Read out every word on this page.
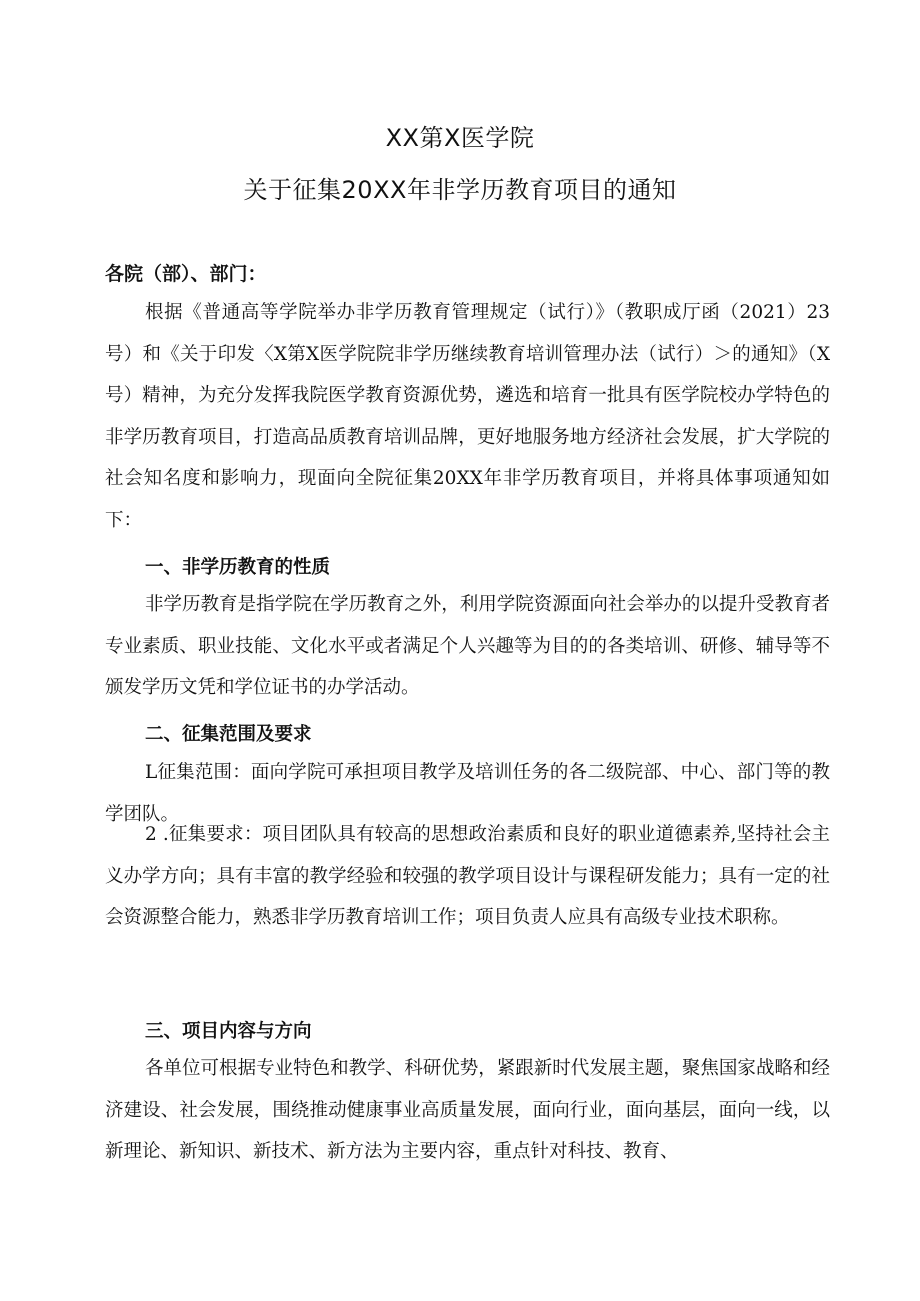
XX第X医学院
关于征集20XX年非学历教育项目的通知
各院（部）、部门：

根据《普通高等学院举办非学历教育管理规定（试行）》（教职成厅函（2021）23号）和《关于印发〈X第X医学院院非学历继续教育培训管理办法（试行）＞的通知》（X号）精神，为充分发挥我院医学教育资源优势，遴选和培育一批具有医学院校办学特色的非学历教育项目，打造高品质教育培训品牌，更好地服务地方经济社会发展，扩大学院的社会知名度和影响力，现面向全院征集20XX年非学历教育项目，并将具体事项通知如下：

一、非学历教育的性质

非学历教育是指学院在学历教育之外，利用学院资源面向社会举办的以提升受教育者专业素质、职业技能、文化水平或者满足个人兴趣等为目的的各类培训、研修、辅导等不颁发学历文凭和学位证书的办学活动。

二、征集范围及要求

L征集范围：面向学院可承担项目教学及培训任务的各二级院部、中心、部门等的教学团队。

2 .征集要求：项目团队具有较高的思想政治素质和良好的职业道德素养,坚持社会主义办学方向；具有丰富的教学经验和较强的教学项目设计与课程研发能力；具有一定的社会资源整合能力，熟悉非学历教育培训工作；项目负责人应具有高级专业技术职称。

三、项目内容与方向

各单位可根据专业特色和教学、科研优势，紧跟新时代发展主题，聚焦国家战略和经济建设、社会发展，围绕推动健康事业高质量发展，面向行业，面向基层，面向一线，以新理论、新知识、新技术、新方法为主要内容，重点针对科技、教育、
